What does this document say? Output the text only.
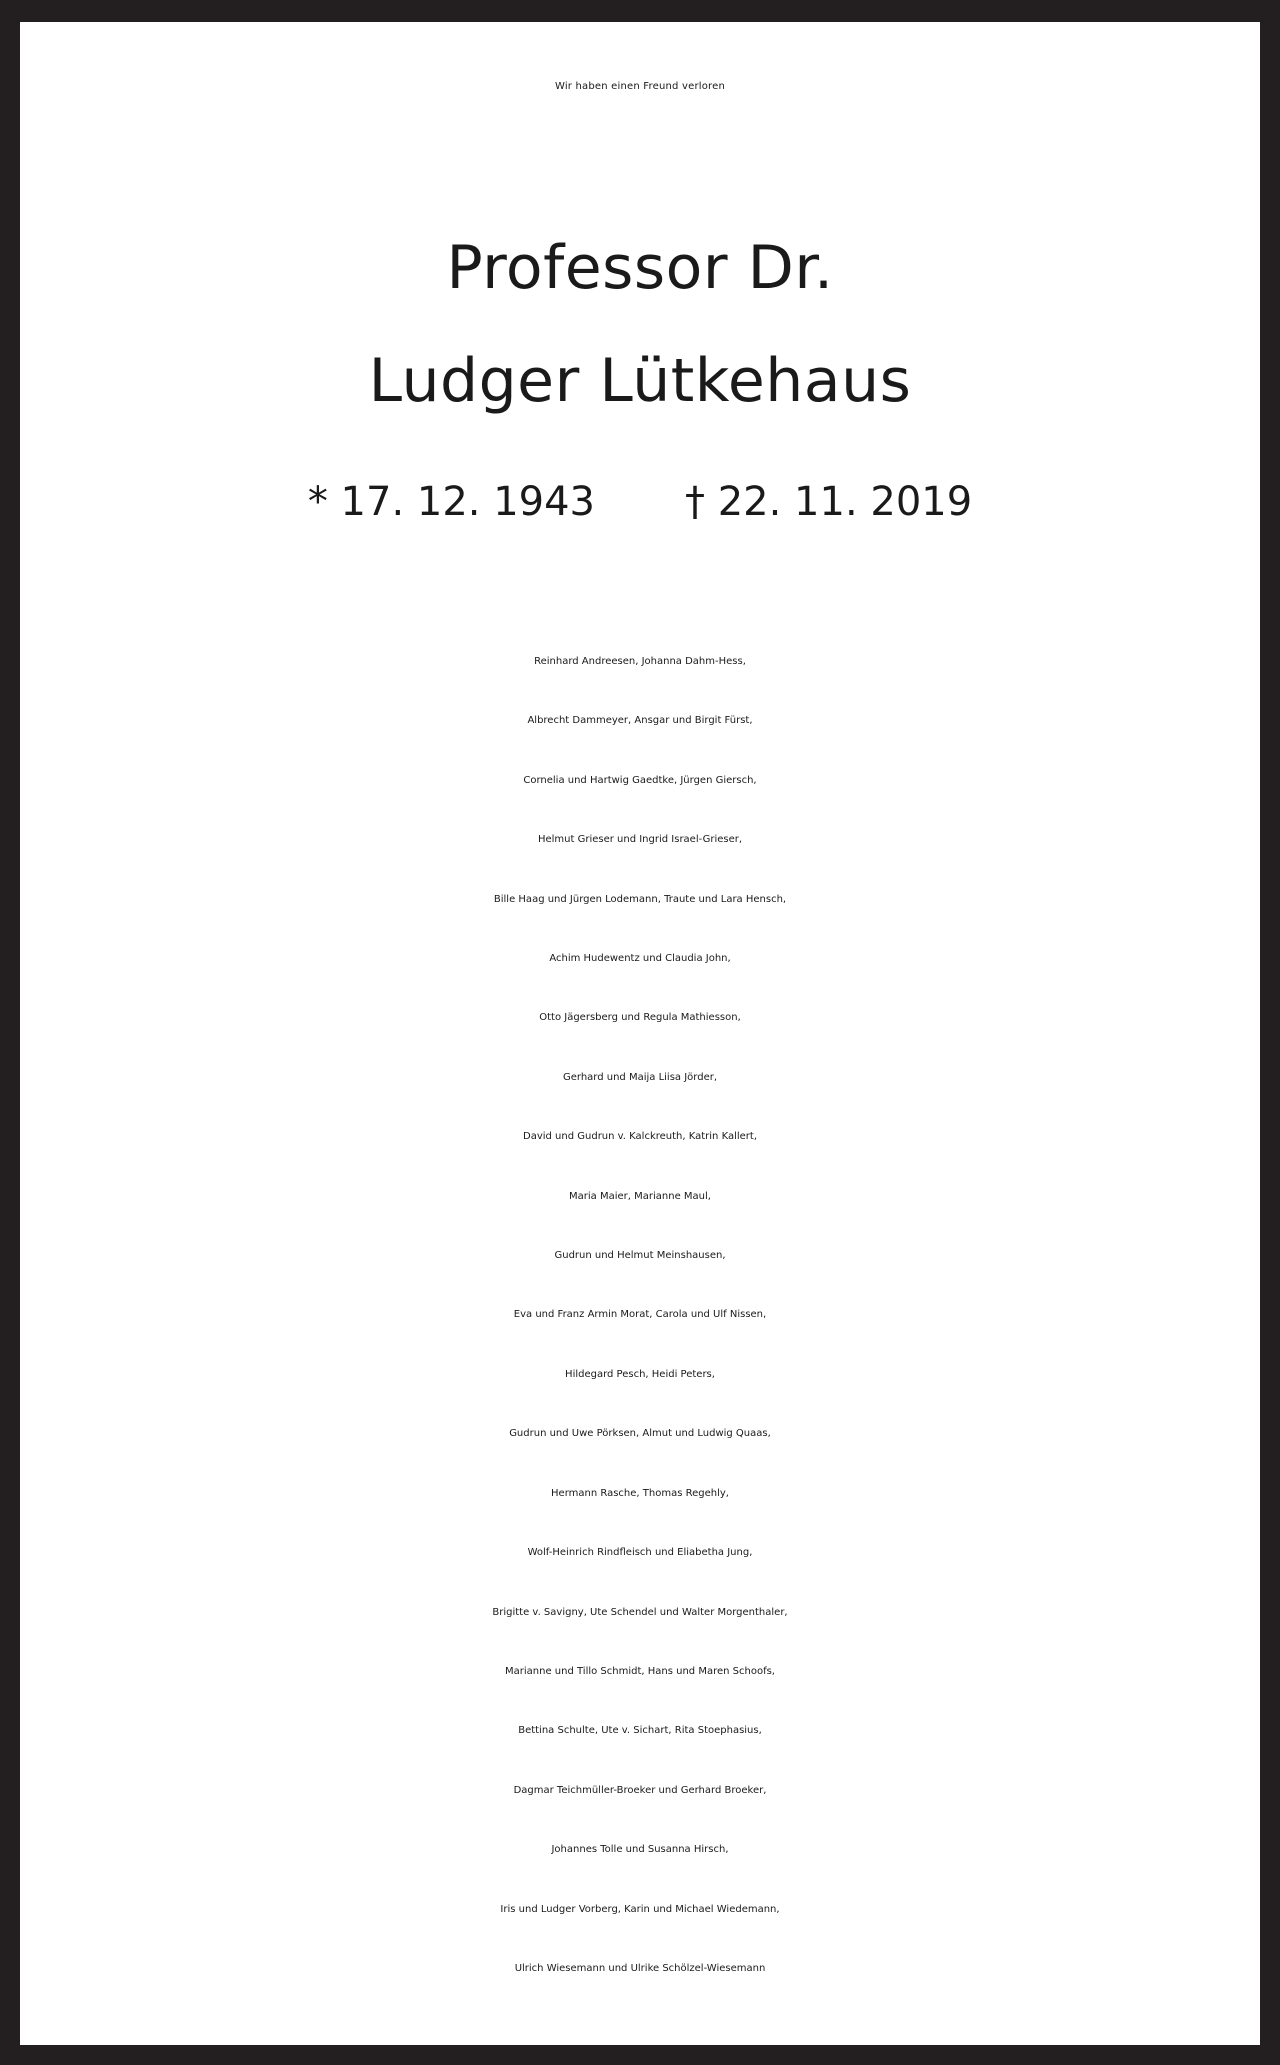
Wir haben einen Freund verloren
Professor Dr.
Ludger Lütkehaus
* 17. 12. 1943 † 22. 11. 2019
Reinhard Andreesen, Johanna Dahm-Hess,
Albrecht Dammeyer, Ansgar und Birgit Fürst,
Cornelia und Hartwig Gaedtke, Jürgen Giersch,
Helmut Grieser und Ingrid Israel-Grieser,
Bille Haag und Jürgen Lodemann, Traute und Lara Hensch,
Achim Hudewentz und Claudia John,
Otto Jägersberg und Regula Mathiesson,
Gerhard und Maija Liisa Jörder,
David und Gudrun v. Kalckreuth, Katrin Kallert,
Maria Maier, Marianne Maul,
Gudrun und Helmut Meinshausen,
Eva und Franz Armin Morat, Carola und Ulf Nissen,
Hildegard Pesch, Heidi Peters,
Gudrun und Uwe Pörksen, Almut und Ludwig Quaas,
Hermann Rasche, Thomas Regehly,
Wolf-Heinrich Rindfleisch und Eliabetha Jung,
Brigitte v. Savigny, Ute Schendel und Walter Morgenthaler,
Marianne und Tillo Schmidt, Hans und Maren Schoofs,
Bettina Schulte, Ute v. Sichart, Rita Stoephasius,
Dagmar Teichmüller-Broeker und Gerhard Broeker,
Johannes Tolle und Susanna Hirsch,
Iris und Ludger Vorberg, Karin und Michael Wiedemann,
Ulrich Wiesemann und Ulrike Schölzel-Wiesemann
